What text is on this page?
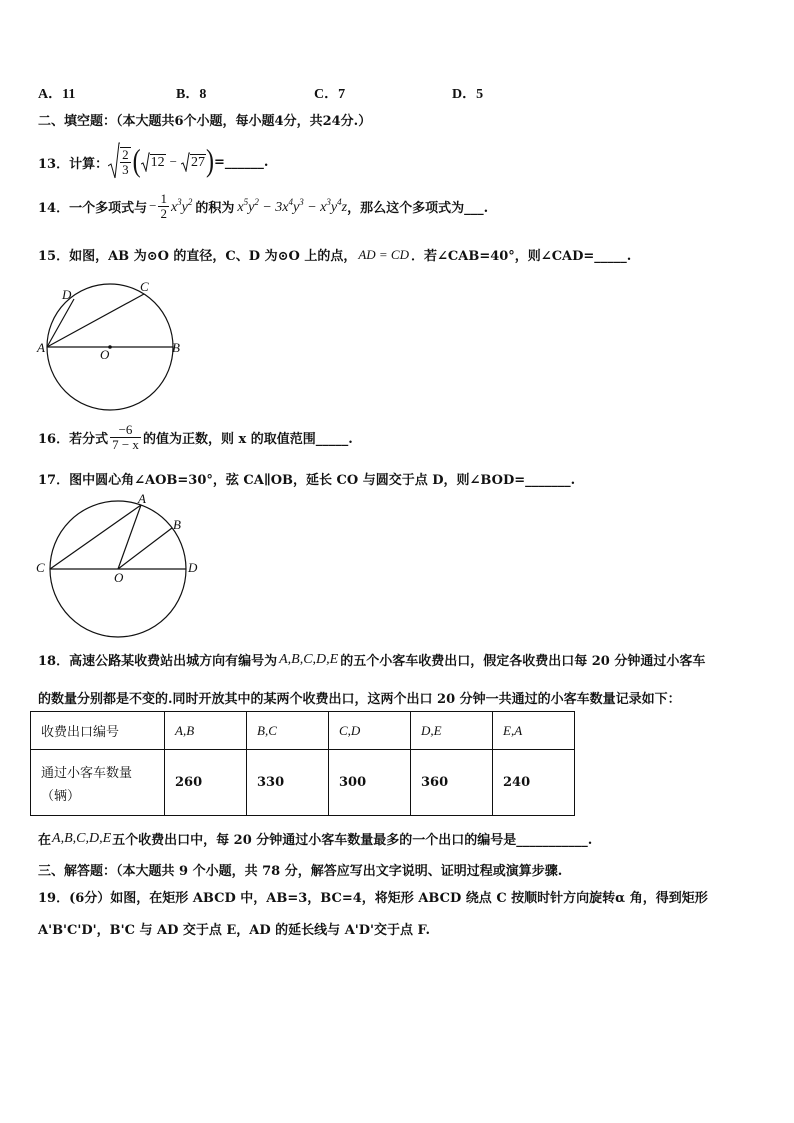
A．11	B．8	C．7	D．5
二、填空题：（本大题共6个小题，每小题4分，共24分.）
13．计算： $\frac{2}{3}$ ( 12 − 27 ) =______.
14．一个多项式与 − $\frac{1}{2} x^3y^2$ 的积为 $x^5y^2 - 3x^4y^3 - x^3y^4z$ ，那么这个多项式为___.
15．如图，AB 为⊙O 的直径，C、D 为⊙O 上的点， AD = CD ．若∠CAB=40°，则∠CAD=_____.
D
C
A	O	B
16．若分式 $\frac{-6}{7 - x}$ 的值为正数，则 x 的取值范围_____.
17．图中圆心角∠AOB=30°，弦 CA∥OB，延长 CO 与圆交于点 D，则∠BOD=_______.
A
B
C
O
D
18．高速公路某收费站出城方向有编号为 A,B,C,D,E 的五个小客车收费出口，假定各收费出口每 20 分钟通过小客车
的数量分别都是不变的.同时开放其中的某两个收费出口，这两个出口 20 分钟一共通过的小客车数量记录如下：
收费出口编号	A,B	B,C	C,D	D,E	E,A

通过小客车数量
（辆）	260	330	300	360	240
在 A,B,C,D,E 五个收费出口中，每 20 分钟通过小客车数量最多的一个出口的编号是___________.
三、解答题：（本大题共 9 个小题，共 78 分，解答应写出文字说明、证明过程或演算步骤.
19．(6分）如图，在矩形 ABCD 中，AB=3，BC=4，将矩形 ABCD 绕点 C 按顺时针方向旋转α 角，得到矩形
A'B'C'D'，B'C 与 AD 交于点 E，AD 的延长线与 A'D'交于点 F.
